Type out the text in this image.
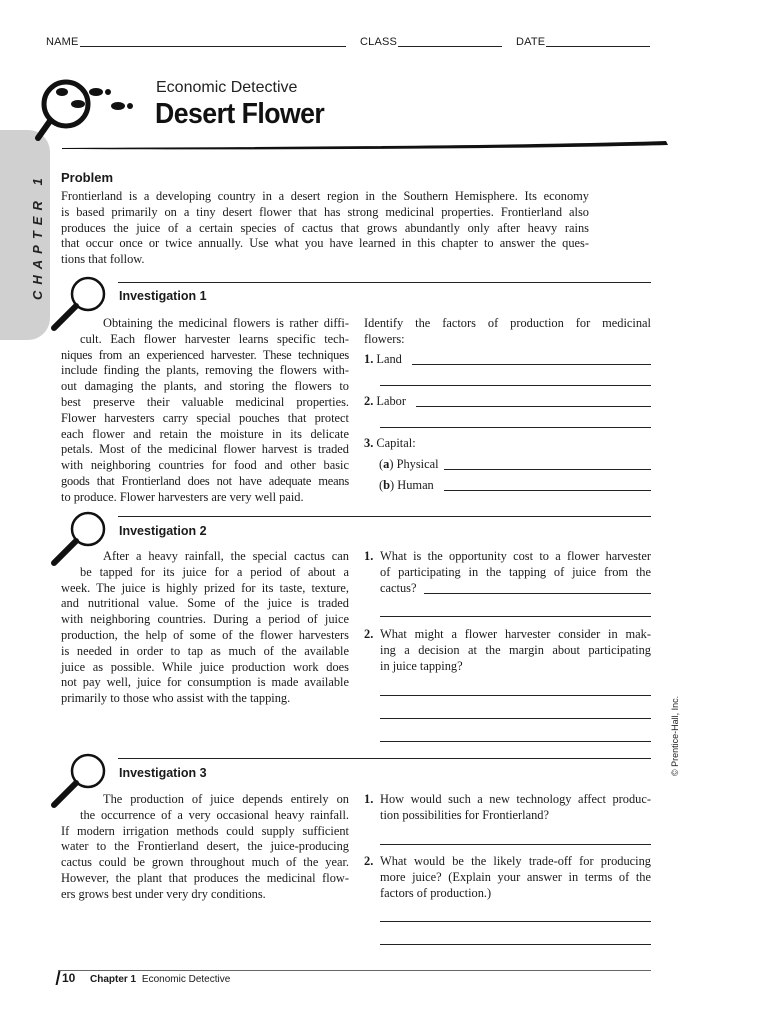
NAME	CLASS	DATE
CHAPTER 1
Economic Detective
Desert Flower
Problem
Frontierland is a developing country in a desert region in the Southern Hemisphere. Its economy
is based primarily on a tiny desert flower that has strong medicinal properties. Frontierland also
produces the juice of a certain species of cactus that grows abundantly only after heavy rains
that occur once or twice annually. Use what you have learned in this chapter to answer the ques-
tions that follow.
Investigation 1
Obtaining the medicinal flowers is rather diffi-
cult. Each flower harvester learns specific tech-
niques from an experienced harvester. These techniques
include finding the plants, removing the flowers with-
out damaging the plants, and storing the flowers to
best preserve their valuable medicinal properties.
Flower harvesters carry special pouches that protect
each flower and retain the moisture in its delicate
petals. Most of the medicinal flower harvest is traded
with neighboring countries for food and other basic
goods that Frontierland does not have adequate means
to produce. Flower harvesters are very well paid.
Identify the factors of production for medicinal
flowers:
1. Land
2. Labor
3. Capital:
(a) Physical
(b) Human
Investigation 2
After a heavy rainfall, the special cactus can
be tapped for its juice for a period of about a
week. The juice is highly prized for its taste, texture,
and nutritional value. Some of the juice is traded
with neighboring countries. During a period of juice
production, the help of some of the flower harvesters
is needed in order to tap as much of the available
juice as possible. While juice production work does
not pay well, juice for consumption is made available
primarily to those who assist with the tapping.
1. What is the opportunity cost to a flower harvester
of participating in the tapping of juice from the
cactus?
2. What might a flower harvester consider in mak-
ing a decision at the margin about participating
in juice tapping?
Investigation 3
The production of juice depends entirely on
the occurrence of a very occasional heavy rainfall.
If modern irrigation methods could supply sufficient
water to the Frontierland desert, the juice-producing
cactus could be grown throughout much of the year.
However, the plant that produces the medicinal flow-
ers grows best under very dry conditions.
1. How would such a new technology affect produc-
tion possibilities for Frontierland?
2. What would be the likely trade-off for producing
more juice? (Explain your answer in terms of the
factors of production.)
© Prentice-Hall, Inc.
10 Chapter 1 Economic Detective
